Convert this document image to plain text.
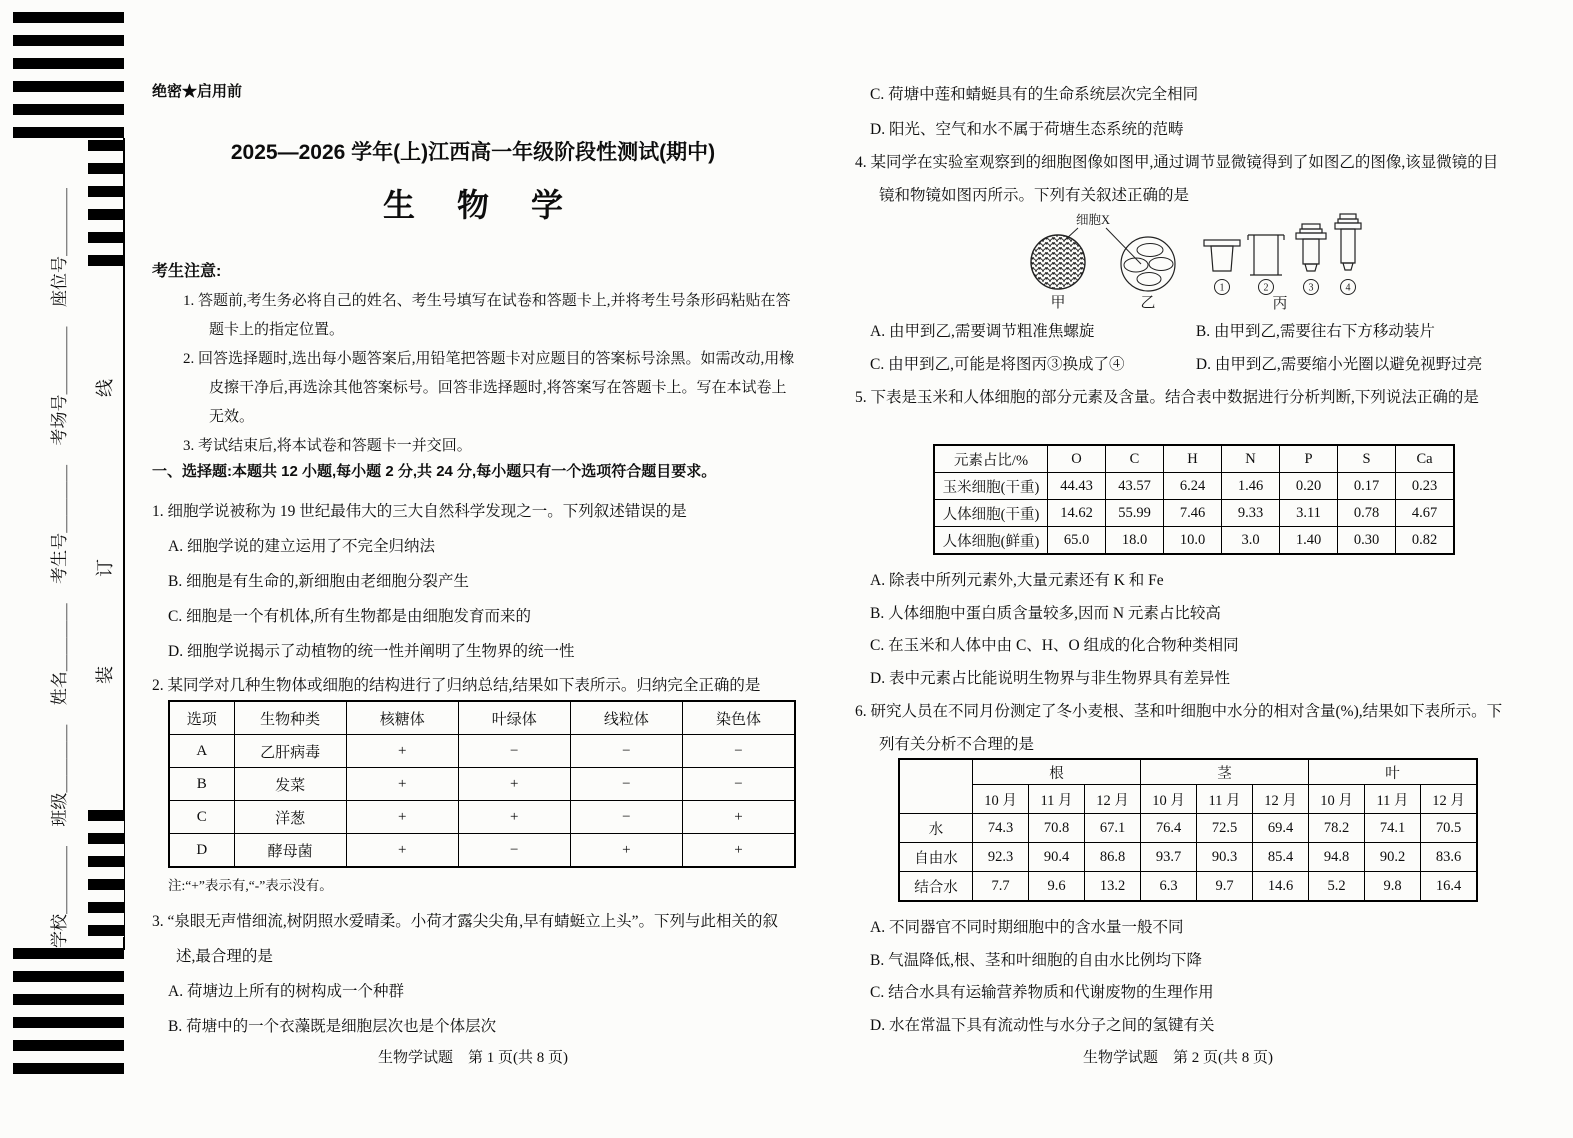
线
订
装
学校＿＿＿＿
班级＿＿＿＿
姓名＿＿＿＿
考生号＿＿＿＿
考场号＿＿＿＿
座位号＿＿＿＿
绝密★启用前
2025—2026 学年(上)江西高一年级阶段性测试(期中)
生物学
考生注意:
1. 答题前,考生务必将自己的姓名、考生号填写在试卷和答题卡上,并将考生号条形码粘贴在答题卡上的指定位置。
2. 回答选择题时,选出每小题答案后,用铅笔把答题卡对应题目的答案标号涂黑。如需改动,用橡皮擦干净后,再选涂其他答案标号。回答非选择题时,将答案写在答题卡上。写在本试卷上无效。
3. 考试结束后,将本试卷和答题卡一并交回。
一、选择题:本题共 12 小题,每小题 2 分,共 24 分,每小题只有一个选项符合题目要求。
1. 细胞学说被称为 19 世纪最伟大的三大自然科学发现之一。下列叙述错误的是
A. 细胞学说的建立运用了不完全归纳法
B. 细胞是有生命的,新细胞由老细胞分裂产生
C. 细胞是一个有机体,所有生物都是由细胞发育而来的
D. 细胞学说揭示了动植物的统一性并阐明了生物界的统一性
2. 某同学对几种生物体或细胞的结构进行了归纳总结,结果如下表所示。归纳完全正确的是
选项	生物种类	核糖体	叶绿体	线粒体	染色体
A	乙肝病毒	+	−	−	−
B	发菜	+	+	−	−
C	洋葱	+	+	−	+
D	酵母菌	+	−	+	+
注:“+”表示有,“-”表示没有。
3. “泉眼无声惜细流,树阴照水爱晴柔。小荷才露尖尖角,早有蜻蜓立上头”。下列与此相关的叙述,最合理的是
A. 荷塘边上所有的树构成一个种群
B. 荷塘中的一个衣藻既是细胞层次也是个体层次
生物学试题　第 1 页(共 8 页)
C. 荷塘中莲和蜻蜓具有的生命系统层次完全相同
D. 阳光、空气和水不属于荷塘生态系统的范畴
4. 某同学在实验室观察到的细胞图像如图甲,通过调节显微镜得到了如图乙的图像,该显微镜的目镜和物镜如图丙所示。下列有关叙述正确的是
甲
细胞X
乙
1	2	3	4
丙
A. 由甲到乙,需要调节粗准焦螺旋	B. 由甲到乙,需要往右下方移动装片
C. 由甲到乙,可能是将图丙③换成了④	D. 由甲到乙,需要缩小光圈以避免视野过亮
5. 下表是玉米和人体细胞的部分元素及含量。结合表中数据进行分析判断,下列说法正确的是
元素占比/%	O	C	H	N	P	S	Ca
玉米细胞(干重)	44.43	43.57	6.24	1.46	0.20	0.17	0.23
人体细胞(干重)	14.62	55.99	7.46	9.33	3.11	0.78	4.67
人体细胞(鲜重)	65.0	18.0	10.0	3.0	1.40	0.30	0.82
A. 除表中所列元素外,大量元素还有 K 和 Fe
B. 人体细胞中蛋白质含量较多,因而 N 元素占比较高
C. 在玉米和人体中由 C、H、O 组成的化合物种类相同
D. 表中元素占比能说明生物界与非生物界具有差异性
6. 研究人员在不同月份测定了冬小麦根、茎和叶细胞中水分的相对含量(%),结果如下表所示。下列有关分析不合理的是
	根			茎			叶		
	10 月	11 月	12 月	10 月	11 月	12 月	10 月	11 月	12 月
水	74.3	70.8	67.1	76.4	72.5	69.4	78.2	74.1	70.5
自由水	92.3	90.4	86.8	93.7	90.3	85.4	94.8	90.2	83.6
结合水	7.7	9.6	13.2	6.3	9.7	14.6	5.2	9.8	16.4
A. 不同器官不同时期细胞中的含水量一般不同
B. 气温降低,根、茎和叶细胞的自由水比例均下降
C. 结合水具有运输营养物质和代谢废物的生理作用
D. 水在常温下具有流动性与水分子之间的氢键有关
生物学试题　第 2 页(共 8 页)
